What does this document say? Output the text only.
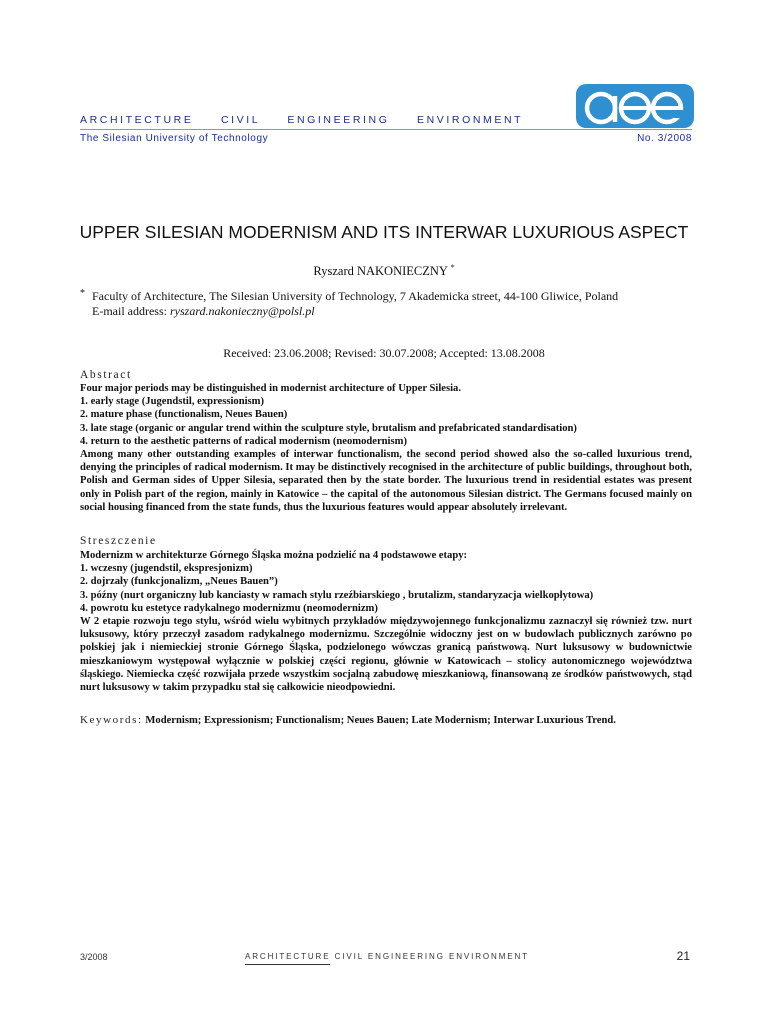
ARCHITECTURE CIVIL ENGINEERING ENVIRONMENT
The Silesian University of Technology	No. 3/2008
UPPER SILESIAN MODERNISM AND ITS INTERWAR LUXURIOUS ASPECT
Ryszard NAKONIECZNY *
* Faculty of Architecture, The Silesian University of Technology, 7 Akademicka street, 44-100 Gliwice, Poland
E-mail address: ryszard.nakonieczny@polsl.pl
Received: 23.06.2008; Revised: 30.07.2008; Accepted: 13.08.2008
Abstract

Four major periods may be distinguished in modernist architecture of Upper Silesia.

1. early stage (Jugendstil, expressionism)

2. mature phase (functionalism, Neues Bauen)

3. late stage (organic or angular trend within the sculpture style, brutalism and prefabricated standardisation)

4. return to the aesthetic patterns of radical modernism (neomodernism)

Among many other outstanding examples of interwar functionalism, the second period showed also the so-called luxurious trend, denying the principles of radical modernism. It may be distinctively recognised in the architecture of public buildings, throughout both, Polish and German sides of Upper Silesia, separated then by the state border. The luxurious trend in residential estates was present only in Polish part of the region, mainly in Katowice – the capital of the autonomous Silesian district. The Germans focused mainly on social housing financed from the state funds, thus the luxurious features would appear absolutely irrelevant.

Streszczenie

Modernizm w architekturze Górnego Śląska można podzielić na 4 podstawowe etapy:

1. wczesny (jugendstil, ekspresjonizm)

2. dojrzały (funkcjonalizm, „Neues Bauen”)

3. późny (nurt organiczny lub kanciasty w ramach stylu rzeźbiarskiego , brutalizm, standaryzacja wielkopłytowa)

4. powrotu ku estetyce radykalnego modernizmu (neomodernizm)

W 2 etapie rozwoju tego stylu, wśród wielu wybitnych przykładów międzywojennego funkcjonalizmu zaznaczył się również tzw. nurt luksusowy, który przeczył zasadom radykalnego modernizmu. Szczególnie widoczny jest on w budowlach publicznych zarówno po polskiej jak i niemieckiej stronie Górnego Śląska, podzielonego wówczas granicą państwową. Nurt luksusowy w budownictwie mieszkaniowym występował wyłącznie w polskiej części regionu, głównie w Katowicach – stolicy autonomicznego województwa śląskiego. Niemiecka część rozwijała przede wszystkim socjalną zabudowę mieszkaniową, finansowaną ze środków państwowych, stąd nurt luksusowy w takim przypadku stał się całkowicie nieodpowiedni.

Keywords: Modernism; Expressionism; Functionalism; Neues Bauen; Late Modernism; Interwar Luxurious Trend.
3/2008	ARCHITECTURE CIVIL ENGINEERING ENVIRONMENT	21
